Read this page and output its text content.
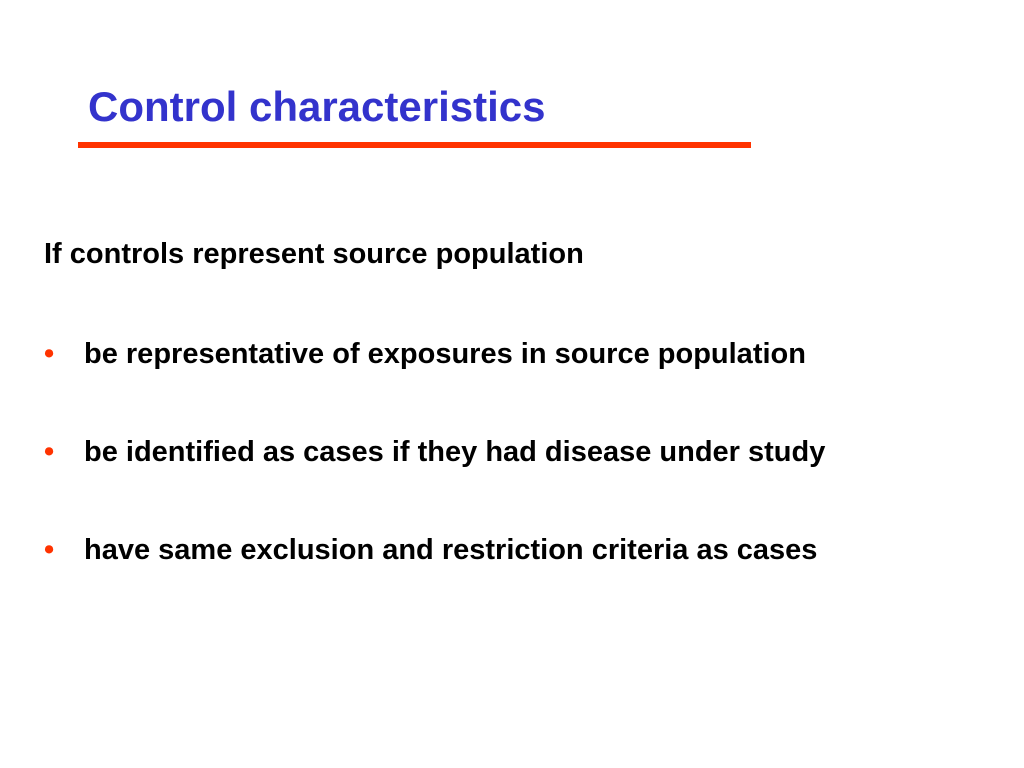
Control characteristics
If controls represent source population
• be representative of exposures in source population
• be identified as cases if they had disease under study
• have same exclusion and restriction criteria as cases
